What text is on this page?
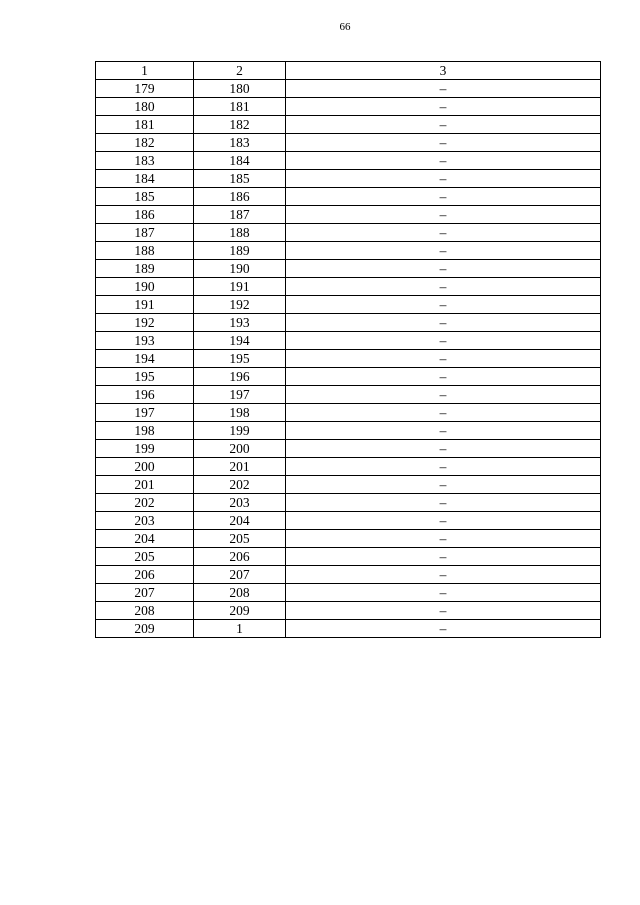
66
1	2	3
179	180	–
180	181	–
181	182	–
182	183	–
183	184	–
184	185	–
185	186	–
186	187	–
187	188	–
188	189	–
189	190	–
190	191	–
191	192	–
192	193	–
193	194	–
194	195	–
195	196	–
196	197	–
197	198	–
198	199	–
199	200	–
200	201	–
201	202	–
202	203	–
203	204	–
204	205	–
205	206	–
206	207	–
207	208	–
208	209	–
209	1	–
